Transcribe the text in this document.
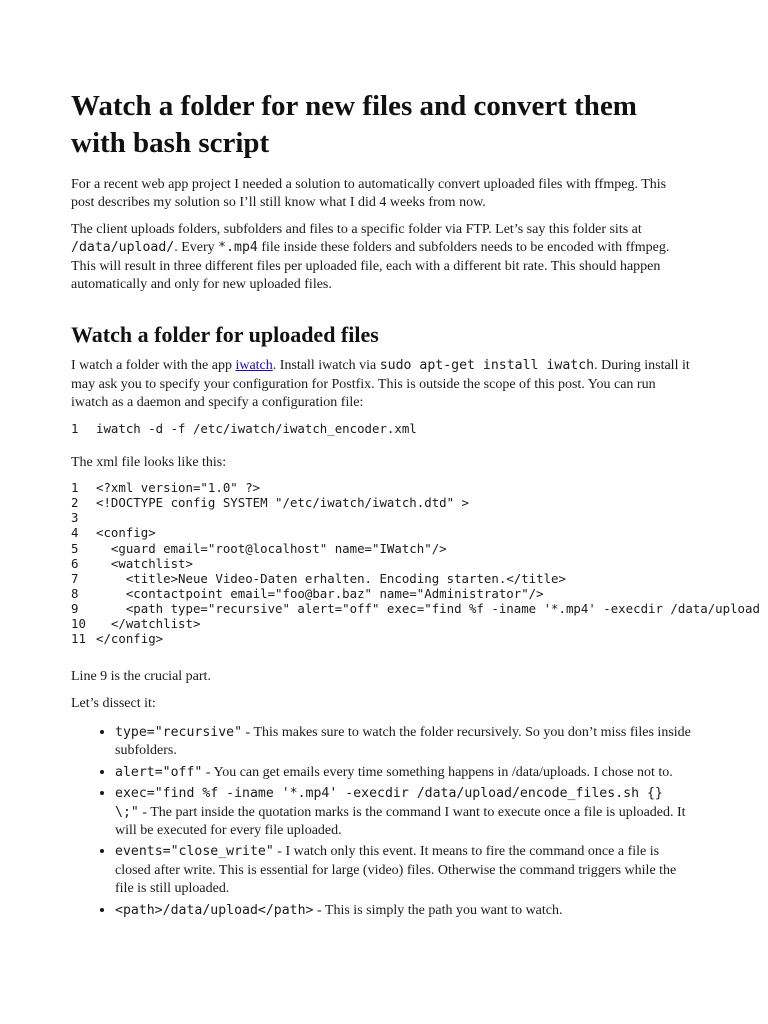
Watch a folder for new files and convert them with bash script

For a recent web app project I needed a solution to automatically convert uploaded files with ffmpeg. This post describes my solution so I’ll still know what I did 4 weeks from now.

The client uploads folders, subfolders and files to a specific folder via FTP. Let’s say this folder sits at /data/upload/. Every *.mp4 file inside these folders and subfolders needs to be encoded with ffmpeg. This will result in three different files per uploaded file, each with a different bit rate. This should happen automatically and only for new uploaded files.

Watch a folder for uploaded files

I watch a folder with the app iwatch. Install iwatch via sudo apt-get install iwatch. During install it may ask you to specify your configuration for Postfix. This is outside the scope of this post. You can run iwatch as a daemon and specify a configuration file:

1 iwatch -d -f /etc/iwatch/iwatch_encoder.xml

The xml file looks like this:

1 <?xml version="1.0" ?>
2 <!DOCTYPE config SYSTEM "/etc/iwatch/iwatch.dtd" >
3
4 <config>
5  <guard email="root@localhost" name="IWatch"/>
6  <watchlist>
7    <title>Neue Video-Daten erhalten. Encoding starten.</title>
8    <contactpoint email="foo@bar.baz" name="Administrator"/>
9    <path type="recursive" alert="off" exec="find %f -iname '*.mp4' -execdir /data/upload
10  </watchlist>
11 </config>

Line 9 is the crucial part.

Let’s dissect it:

• type="recursive" - This makes sure to watch the folder recursively. So you don’t miss files inside subfolders.
• alert="off" - You can get emails every time something happens in /data/uploads. I chose not to.
• exec="find %f -iname '*.mp4' -execdir /data/upload/encode_files.sh {} \;" - The part inside the quotation marks is the command I want to execute once a file is uploaded. It will be executed for every file uploaded.
• events="close_write" - I watch only this event. It means to fire the command once a file is closed after write. This is essential for large (video) files. Otherwise the command triggers while the file is still uploaded.
• <path>/data/upload</path> - This is simply the path you want to watch.
